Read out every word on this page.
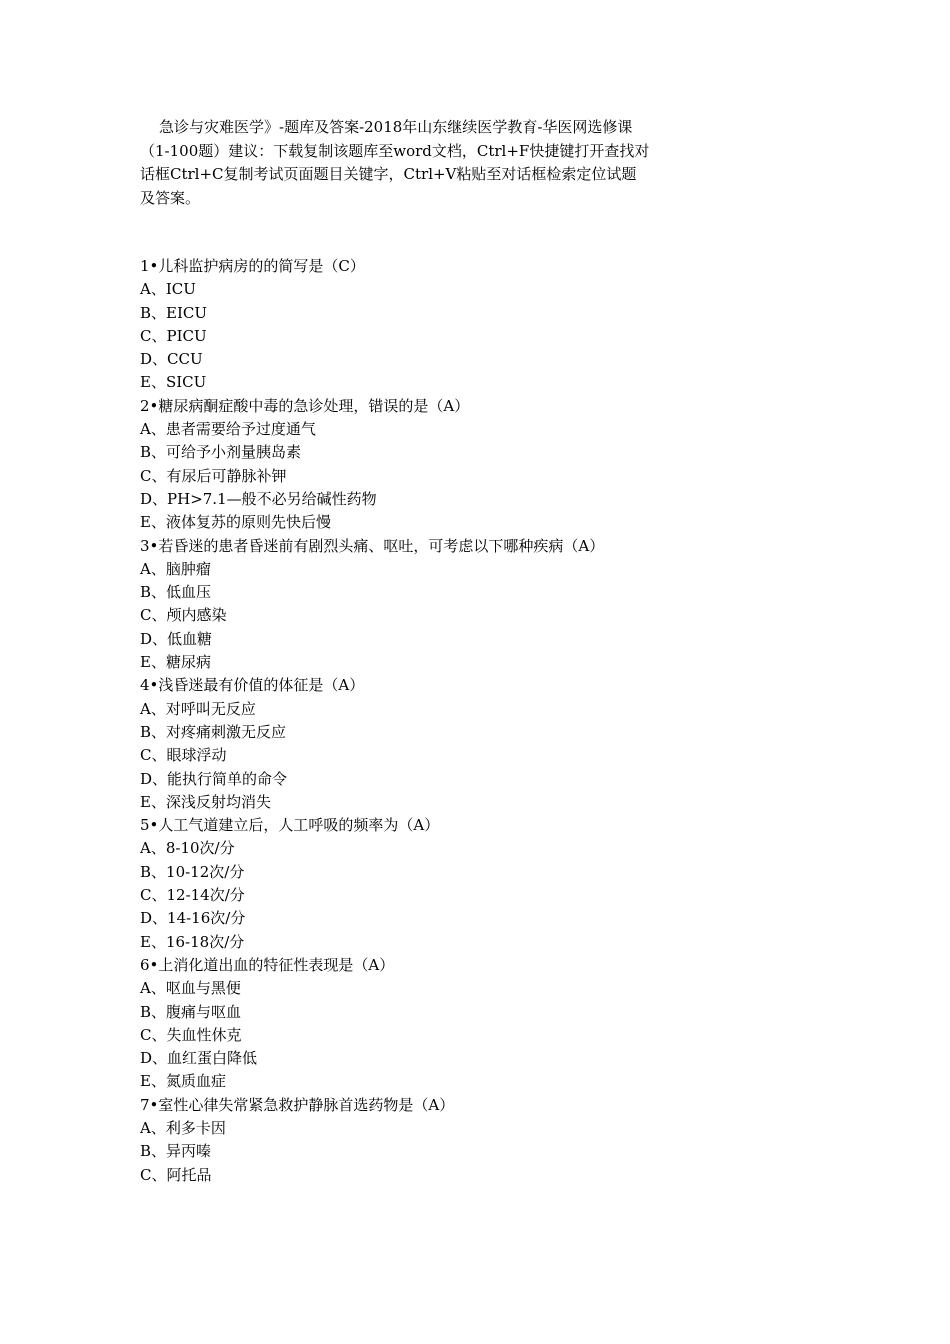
急诊与灾难医学》-题库及答案-2018年山东继续医学教育-华医网选修课（1-100题）建议：下载复制该题库至word文档，Ctrl+F快捷键打开查找对话框Ctrl+C复制考试页面题目关键字，Ctrl+V粘贴至对话框检索定位试题及答案。

1•儿科监护病房的的简写是（C）
A、ICU
B、EICU
C、PICU
D、CCU
E、SICU
2•糖尿病酮症酸中毒的急诊处理，错误的是（A）
A、患者需要给予过度通气
B、可给予小剂量胰岛素
C、有尿后可静脉补钾
D、PH>7.1—般不必另给碱性药物
E、液体复苏的原则先快后慢
3•若昏迷的患者昏迷前有剧烈头痛、呕吐，可考虑以下哪种疾病（A）
A、脑肿瘤
B、低血压
C、颅内感染
D、低血糖
E、糖尿病
4•浅昏迷最有价值的体征是（A）
A、对呼叫无反应
B、对疼痛刺激无反应
C、眼球浮动
D、能执行简单的命令
E、深浅反射均消失
5•人工气道建立后，人工呼吸的频率为（A）
A、8-10次/分
B、10-12次/分
C、12-14次/分
D、14-16次/分
E、16-18次/分
6•上消化道出血的特征性表现是（A）
A、呕血与黑便
B、腹痛与呕血
C、失血性休克
D、血红蛋白降低
E、氮质血症
7•室性心律失常紧急救护静脉首选药物是（A）
A、利多卡因
B、异丙嗪
C、阿托品
